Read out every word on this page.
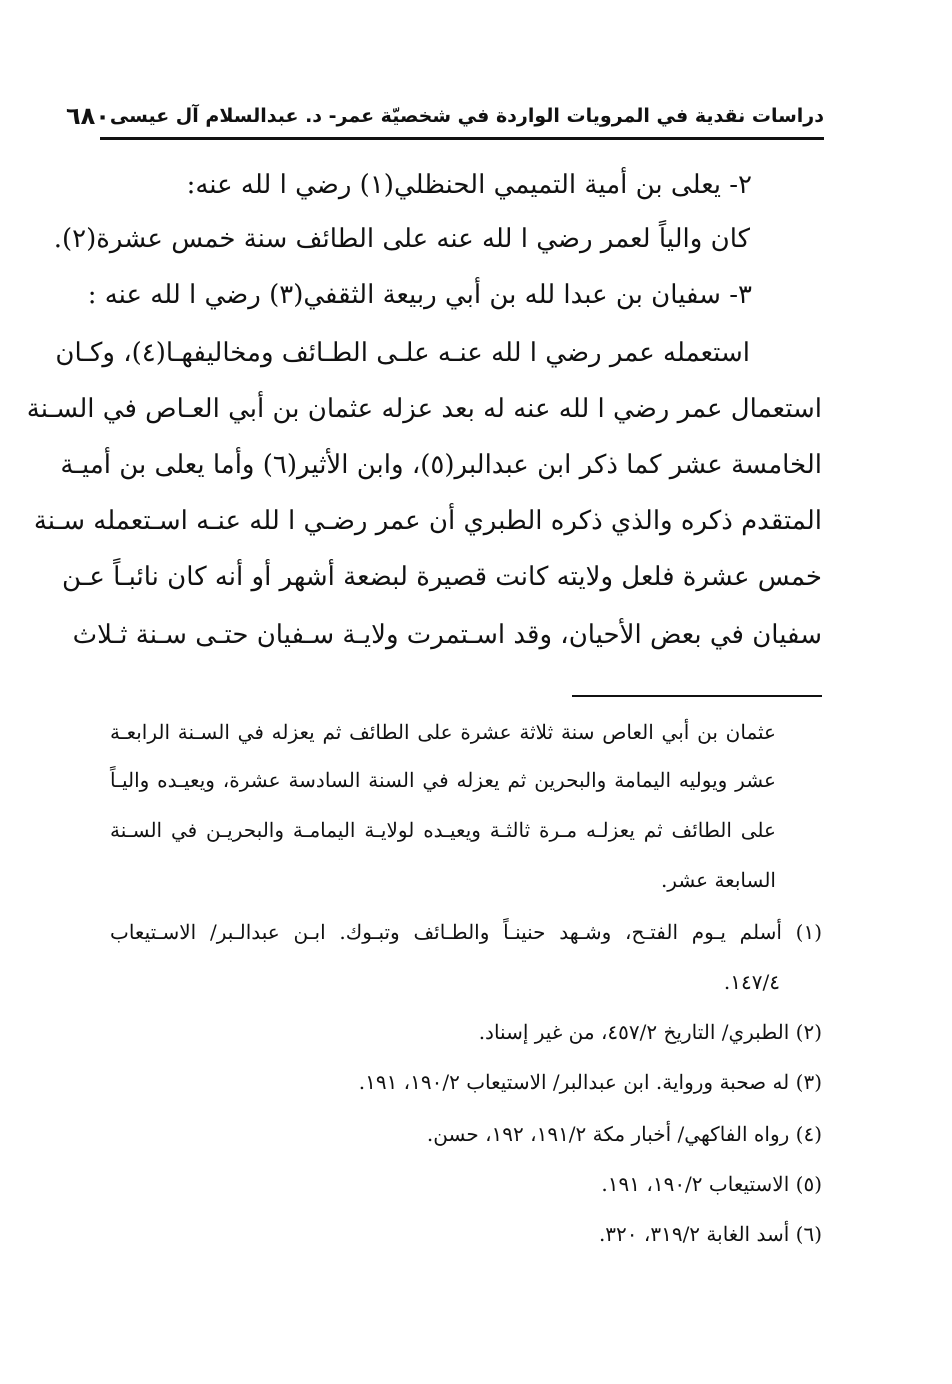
دراسات نقدية في المرويات الواردة في شخصيّة عمر- د. عبدالسلام آل عيسى
٦٨٠
٢- يعلى بن أمية التميمي الحنظلي(١) رضي ا لله عنه:
كان والياً لعمر رضي ا لله عنه على الطائف سنة خمس عشرة(٢).
٣- سفيان بن عبدا لله بن أبي ربيعة الثقفي(٣) رضي ا لله عنه :
استعمله عمر رضي ا لله عنـه علـى الطـائف ومخاليفهـا(٤)، وكـان
استعمال عمر رضي ا لله عنه له بعد عزله عثمان بن أبي العـاص في السـنة
الخامسة عشر كما ذكر ابن عبدالبر(٥)، وابن الأثير(٦) وأما يعلى بن أميـة
المتقدم ذكره والذي ذكره الطبري أن عمر رضـي ا لله عنـه اسـتعمله سـنة
خمس عشرة فلعل ولايته كانت قصيرة لبضعة أشهر أو أنه كان نائبـاً عـن
سفيان في بعض الأحيان، وقد اسـتمرت ولايـة سـفيان حتـى سـنة ثـلاث
عثمان بن أبي العاص سنة ثلاثة عشرة على الطائف ثم يعزله في السـنة الرابعـة
عشر ويوليه اليمامة والبحرين ثم يعزله في السنة السادسة عشرة، ويعيـده واليـاً
على الطائف ثم يعزلـه مـرة ثالثـة ويعيـده لولايـة اليمامـة والبحريـن في السـنة
السابعة عشر.
(١) أسلم يـوم الفتـح، وشـهد حنينـاً والطـائف وتبـوك. ابـن عبدالـبر/ الاسـتيعاب
١٤٧/٤.
(٢) الطبري/ التاريخ ٤٥٧/٢، من غير إسناد.
(٣) له صحبة ورواية. ابن عبدالبر/ الاستيعاب ١٩٠/٢، ١٩١.
(٤) رواه الفاكهي/ أخبار مكة ١٩١/٢، ١٩٢، حسن.
(٥) الاستيعاب ١٩٠/٢، ١٩١.
(٦) أسد الغابة ٣١٩/٢، ٣٢٠.
